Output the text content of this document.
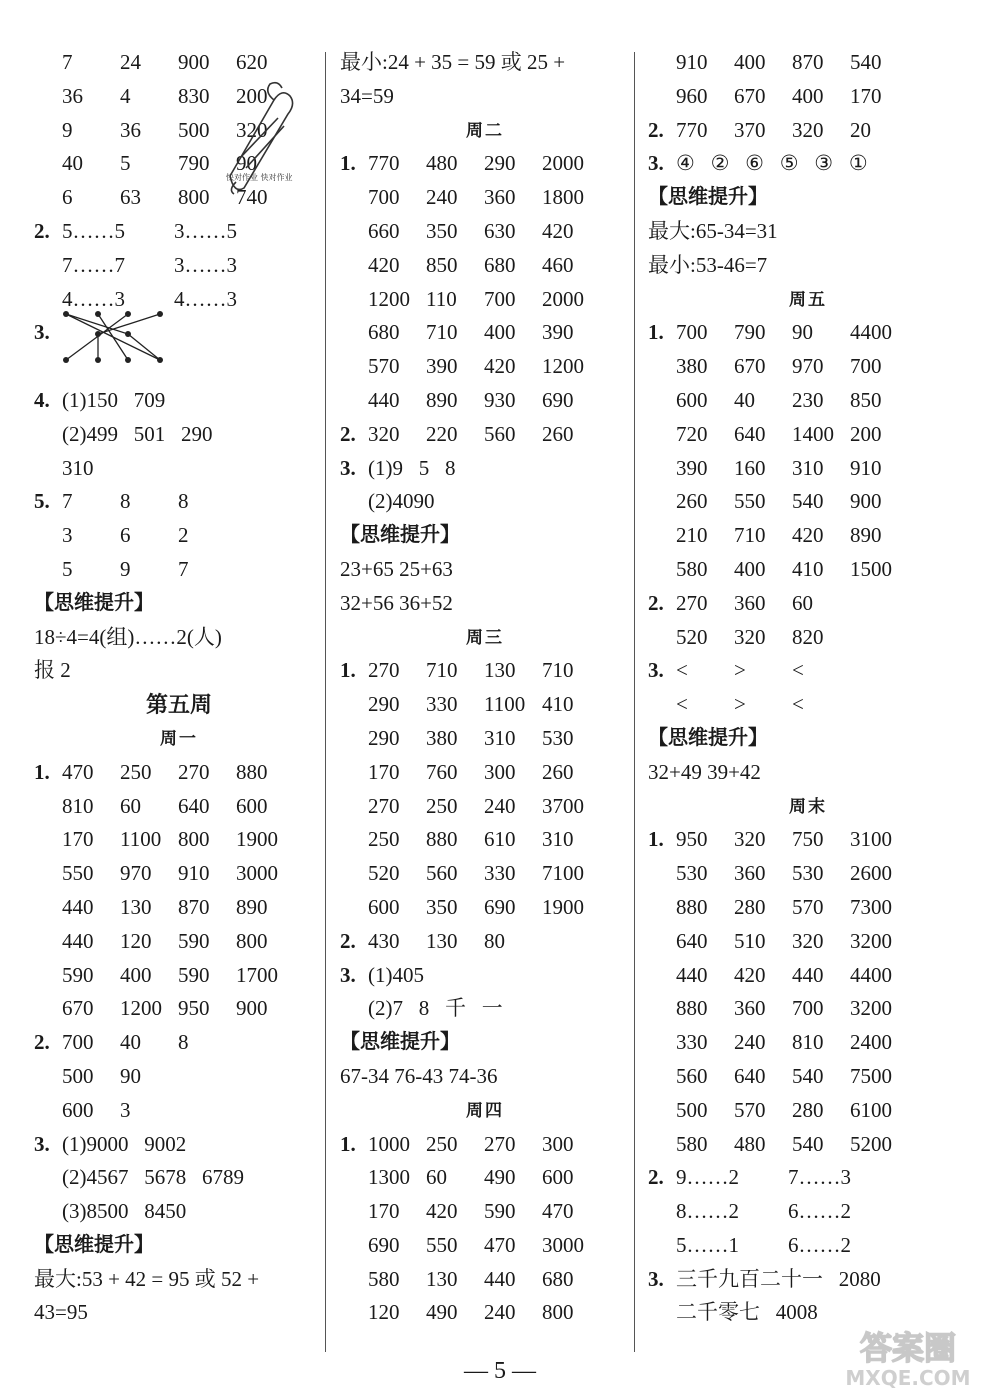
7 24 900 620
36 4 830 200
9 36 500 320
40 5 790 90
6 63 800 740
2. 5……5 3……5
7……7 3……3
4……3 4……3
3.
4. (1)150   709
(2)499   501   290
310
5. 7 8 8
3 6 2
5 9 7
【思维提升】
18÷4=4(组)……2(人)
报 2
第五周
周一
1. 470 250 270 880
810 60 640 600
170 1100 800 1900
550 970 910 3000
440 130 870 890
440 120 590 800
590 400 590 1700
670 1200 950 900
2. 700 40 8
500 90
600 3
3. (1)9000   9002
(2)4567   5678   6789
(3)8500   8450
【思维提升】
最大:53 + 42 = 95 或 52 +
43=95
最小:24 + 35 = 59 或 25 +
34=59
周二
1. 770 480 290 2000
700 240 360 1800
660 350 630 420
420 850 680 460
1200 110 700 2000
680 710 400 390
570 390 420 1200
440 890 930 690
2. 320 220 560 260
3. (1)9   5   8
(2)4090
【思维提升】
23+65 25+63
32+56 36+52
周三
1. 270 710 130 710
290 330 1100 410
290 380 310 530
170 760 300 260
270 250 240 3700
250 880 610 310
520 560 330 7100
600 350 690 1900
2. 430 130 80
3. (1)405
(2)7   8   千   一
【思维提升】
67-34 76-43 74-36
周四
1. 1000 250 270 300
1300 60 490 600
170 420 590 470
690 550 470 3000
580 130 440 680
120 490 240 800
910 400 870 540
960 670 400 170
2. 770 370 320 20
3. ④   ②   ⑥   ⑤   ③   ①
【思维提升】
最大:65-34=31
最小:53-46=7
周五
1. 700 790 90 4400
380 670 970 700
600 40 230 850
720 640 1400 200
390 160 310 910
260 550 540 900
210 710 420 890
580 400 410 1500
2. 270 360 60
520 320 820
3. < > <
< > <
【思维提升】
32+49 39+42
周末
1. 950 320 750 3100
530 360 530 2600
880 280 570 7300
640 510 320 3200
440 420 440 4400
880 360 700 3200
330 240 810 2400
560 640 540 7500
500 570 280 6100
580 480 540 5200
2. 9……2 7……3
8……2 6……2
5……1 6……2
3. 三千九百二十一   2080
二千零七   4008
快对作业 快对作业
答案圈
MXQE.COM
— 5 —
